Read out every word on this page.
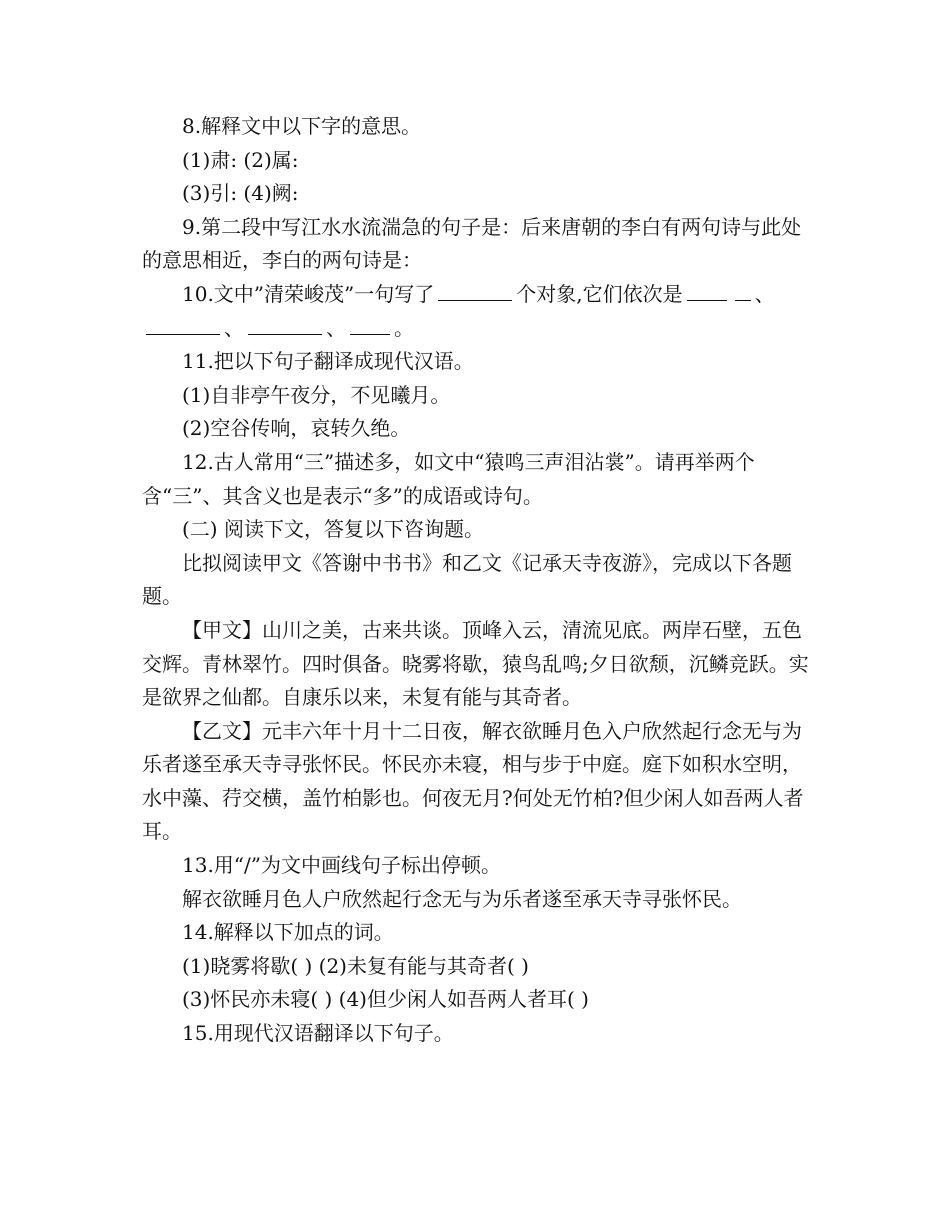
8.解释文中以下字的意思。

(1)肃: (2)属:

(3)引: (4)阙:

9.第二段中写江水水流湍急的句子是：后来唐朝的李白有两句诗与此处的意思相近，李白的两句诗是：

10.文中”清荣峻茂”一句写了	个对象,它们依次是	、、	、 。

11.把以下句子翻译成现代汉语。

(1)自非亭午夜分，不见曦月。

(2)空谷传响，哀转久绝。

12.古人常用“三”描述多，如文中“猿鸣三声泪沾裳”。请再举两个含“三”、其含义也是表示“多”的成语或诗句。

(二) 阅读下文，答复以下咨询题。

比拟阅读甲文《答谢中书书》和乙文《记承天寺夜游》，完成以下各题题。

【甲文】山川之美，古来共谈。顶峰入云，清流见底。两岸石壁，五色交辉。青林翠竹。四时俱备。晓雾将歇，猿鸟乱鸣;夕日欲颓，沉鳞竞跃。实是欲界之仙都。自康乐以来，未复有能与其奇者。

【乙文】元丰六年十月十二日夜，解衣欲睡月色入户欣然起行念无与为乐者遂至承天寺寻张怀民。怀民亦未寝，相与步于中庭。庭下如积水空明，水中藻、荇交横，盖竹柏影也。何夜无月?何处无竹柏?但少闲人如吾两人者耳。

13.用“/”为文中画线句子标出停顿。

解衣欲睡月色人户欣然起行念无与为乐者遂至承天寺寻张怀民。

14.解释以下加点的词。

(1)晓雾将歇( ) (2)未复有能与其奇者( )

(3)怀民亦未寝( ) (4)但少闲人如吾两人者耳( )

15.用现代汉语翻译以下句子。
